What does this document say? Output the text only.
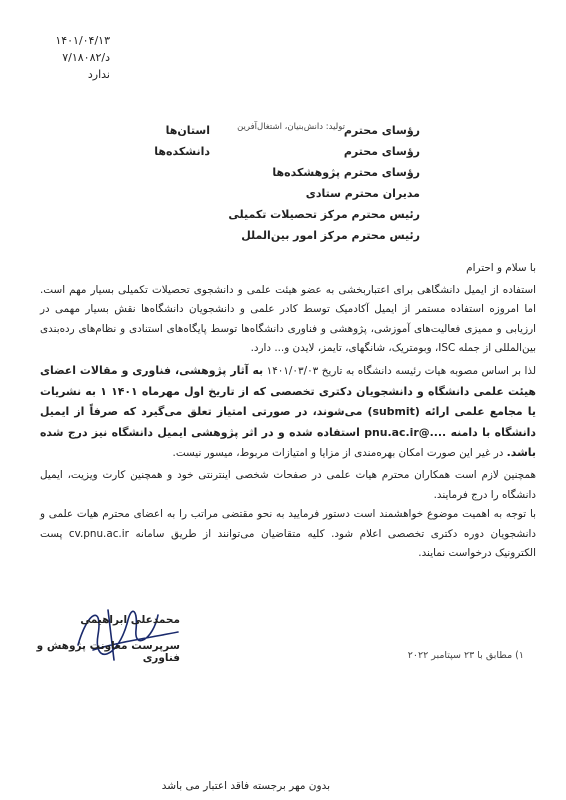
۱۴۰۱/۰۴/۱۳
د/۷/۱۸۰۸۲
ندارد
تولید: دانش‌بنیان، اشتغال‌آفرین
رؤسای محترم
رؤسای محترم
رؤسای محترم پژوهشکده‌ها
مدیران محترم ستادی
رئیس محترم مرکز تحصیلات تکمیلی
رئیس محترم مرکز امور بین‌الملل
استان‌ها
دانشکده‌ها
با سلام و احترام
استفاده از ایمیل دانشگاهی برای اعتباربخشی به عضو هیئت علمی و دانشجوی تحصیلات تکمیلی بسیار مهم است. اما امروزه استفاده مستمر از ایمیل آکادمیک توسط کادر علمی و دانشجویان دانشگاه‌ها نقش بسیار مهمی در ارزیابی و ممیزی فعالیت‌های آموزشی، پژوهشی و فناوری دانشگاه‌ها توسط پایگاه‌های استنادی و نظام‌های رده‌بندی بین‌المللی از جمله ISC، وبومتریک، شانگهای، تایمز، لایدن و... دارد.
لذا بر اساس مصوبه هیات رئیسه دانشگاه به تاریخ ۱۴۰۱/۰۳/۰۳ به آثار پژوهشی، فناوری و مقالات اعضای هیئت علمی دانشگاه و دانشجویان دکتری تخصصی که از تاریخ اول مهرماه ۱۴۰۱ ۱ به نشریات یا مجامع علمی ارائه (submit) می‌شوند، در صورتی امتیاز تعلق می‌گیرد که صرفاً از ایمیل دانشگاه با دامنه ....@pnu.ac.ir استفاده شده و در اثر پژوهشی ایمیل دانشگاه نیز درج شده باشد. در غیر این صورت امکان بهره‌مندی از مزایا و امتیازات مربوط، میسور نیست.
همچنین لازم است همکاران محترم هیات علمی در صفحات شخصی اینترنتی خود و همچنین کارت ویزیت، ایمیل دانشگاه را درج فرمایند.
با توجه به اهمیت موضوع خواهشمند است دستور فرمایید به نحو مقتضی مراتب را به اعضای محترم هیات علمی و دانشجویان دوره دکتری تخصصی اعلام شود. کلیه متقاضیان می‌توانند از طریق سامانه cv.pnu.ac.ir پست الکترونیک درخواست نمایند.
محمدعلی ابراهیمی
سرپرست معاونت پژوهش و فناوری	۱) مطابق با ۲۳ سپتامبر ۲۰۲۲
بدون مهر برجسته فاقد اعتبار می باشد
